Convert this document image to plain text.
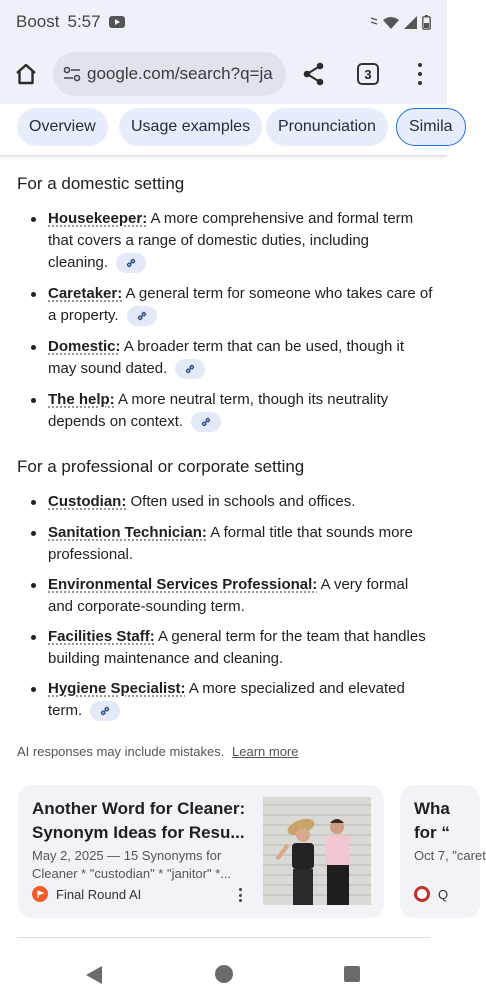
Boost 5:57
google.com/search?q=ja	3
Overview	Usage examples	Pronunciation	Simila
For a domestic setting
Housekeeper: A more comprehensive and formal term that covers a range of domestic duties, including cleaning.
Caretaker: A general term for someone who takes care of a property.
Domestic: A broader term that can be used, though it may sound dated.
The help: A more neutral term, though its neutrality depends on context.
For a professional or corporate setting
Custodian: Often used in schools and offices.
Sanitation Technician: A formal title that sounds more professional.
Environmental Services Professional: A very formal and corporate-sounding term.
Facilities Staff: A general term for the team that handles building maintenance and cleaning.
Hygiene Specialist: A more specialized and elevated term.
AI responses may include mistakes. Learn more
Another Word for Cleaner: Synonym Ideas for Resu...
May 2, 2025 — 15 Synonyms for Cleaner * "custodian" * "janitor" *...
Final Round AI
Wha for “
Oct 7, "caret
Q
